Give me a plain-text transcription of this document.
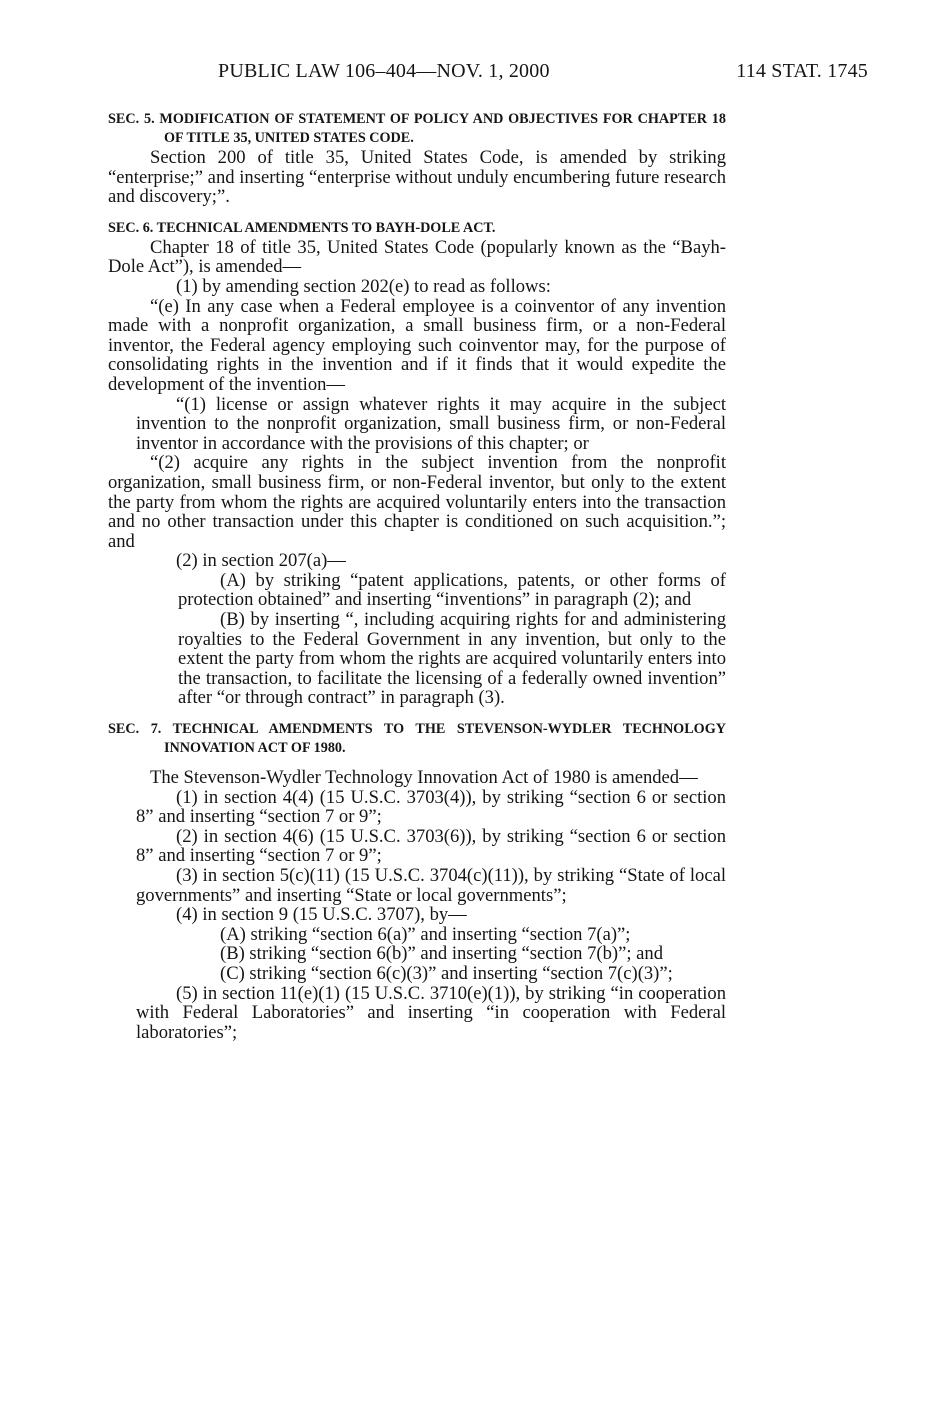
PUBLIC LAW 106–404—NOV. 1, 2000	114 STAT. 1745

SEC. 5. MODIFICATION OF STATEMENT OF POLICY AND OBJECTIVES FOR CHAPTER 18 OF TITLE 35, UNITED STATES CODE.

Section 200 of title 35, United States Code, is amended by striking “enterprise;” and inserting “enterprise without unduly encumbering future research and discovery;”.

SEC. 6. TECHNICAL AMENDMENTS TO BAYH-DOLE ACT.

Chapter 18 of title 35, United States Code (popularly known as the “Bayh-Dole Act”), is amended—

(1) by amending section 202(e) to read as follows:

“(e) In any case when a Federal employee is a coinventor of any invention made with a nonprofit organization, a small business firm, or a non-Federal inventor, the Federal agency employing such coinventor may, for the purpose of consolidating rights in the invention and if it finds that it would expedite the development of the invention—

“(1) license or assign whatever rights it may acquire in the subject invention to the nonprofit organization, small business firm, or non-Federal inventor in accordance with the provisions of this chapter; or

“(2) acquire any rights in the subject invention from the nonprofit organization, small business firm, or non-Federal inventor, but only to the extent the party from whom the rights are acquired voluntarily enters into the transaction and no other transaction under this chapter is conditioned on such acquisition.”; and

(2) in section 207(a)—

(A) by striking “patent applications, patents, or other forms of protection obtained” and inserting “inventions” in paragraph (2); and

(B) by inserting “, including acquiring rights for and administering royalties to the Federal Government in any invention, but only to the extent the party from whom the rights are acquired voluntarily enters into the transaction, to facilitate the licensing of a federally owned invention” after “or through contract” in paragraph (3).

SEC. 7. TECHNICAL AMENDMENTS TO THE STEVENSON-WYDLER TECHNOLOGY INNOVATION ACT OF 1980.

The Stevenson-Wydler Technology Innovation Act of 1980 is amended—

(1) in section 4(4) (15 U.S.C. 3703(4)), by striking “section 6 or section 8” and inserting “section 7 or 9”;

(2) in section 4(6) (15 U.S.C. 3703(6)), by striking “section 6 or section 8” and inserting “section 7 or 9”;

(3) in section 5(c)(11) (15 U.S.C. 3704(c)(11)), by striking “State of local governments” and inserting “State or local governments”;

(4) in section 9 (15 U.S.C. 3707), by—

(A) striking “section 6(a)” and inserting “section 7(a)”;

(B) striking “section 6(b)” and inserting “section 7(b)”; and

(C) striking “section 6(c)(3)” and inserting “section 7(c)(3)”;

(5) in section 11(e)(1) (15 U.S.C. 3710(e)(1)), by striking “in cooperation with Federal Laboratories” and inserting “in cooperation with Federal laboratories”;
